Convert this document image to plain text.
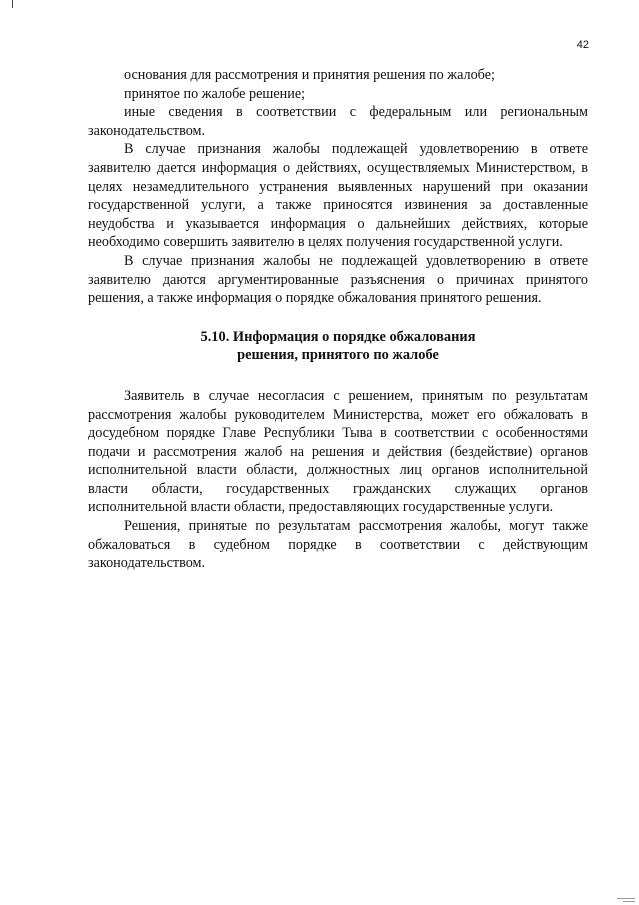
42

основания для рассмотрения и принятия решения по жалобе;

принятое по жалобе решение;

иные сведения в соответствии с федеральным или региональным законодательством.

В случае признания жалобы подлежащей удовлетворению в ответе заявителю дается информация о действиях, осуществляемых Министерством, в целях незамедлительного устранения выявленных нарушений при оказании государственной услуги, а также приносятся извинения за доставленные неудобства и указывается информация о дальнейших действиях, которые необходимо совершить заявителю в целях получения государственной услуги.

В случае признания жалобы не подлежащей удовлетворению в ответе заявителю даются аргументированные разъяснения о причинах принятого решения, а также информация о порядке обжалования принятого решения.

5.10. Информация о порядке обжалования
решения, принятого по жалобе

Заявитель в случае несогласия с решением, принятым по результатам рассмотрения жалобы руководителем Министерства, может его обжаловать в досудебном порядке Главе Республики Тыва в соответствии с особенностями подачи и рассмотрения жалоб на решения и действия (бездействие) органов исполнительной власти области, должностных лиц органов исполнительной власти области, государственных гражданских служащих органов исполнительной власти области, предоставляющих государственные услуги.

Решения, принятые по результатам рассмотрения жалобы, могут также обжаловаться в судебном порядке в соответствии с действующим законодательством.
